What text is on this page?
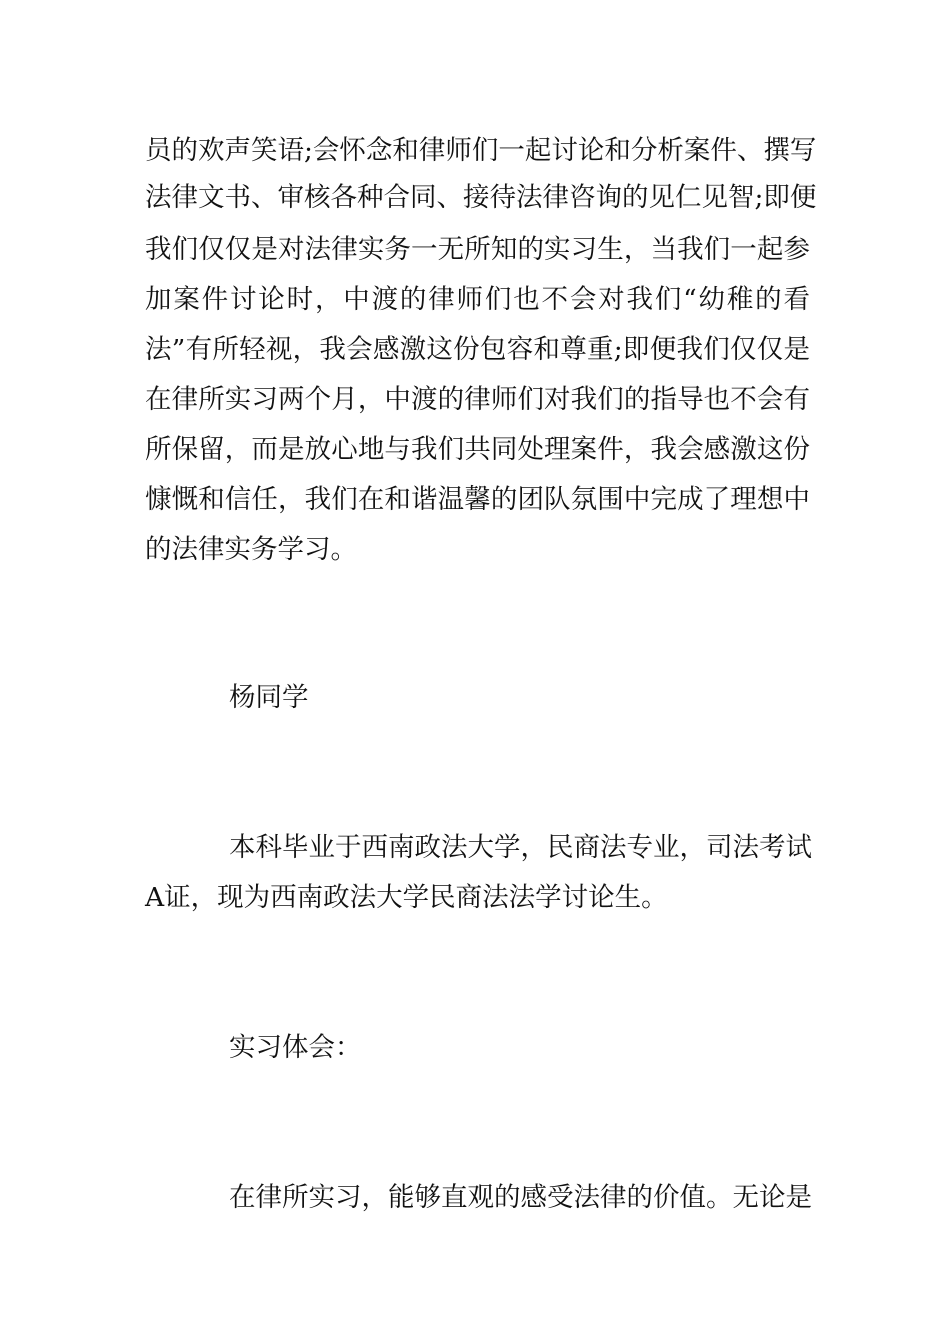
员的欢声笑语;会怀念和律师们一起讨论和分析案件、撰写
法律文书、审核各种合同、接待法律咨询的见仁见智;即便
我们仅仅是对法律实务一无所知的实习生，当我们一起参
加案件讨论时，中渡的律师们也不会对我们“幼稚的看
法”有所轻视，我会感激这份包容和尊重;即便我们仅仅是
在律所实习两个月，中渡的律师们对我们的指导也不会有
所保留，而是放心地与我们共同处理案件，我会感激这份
慷慨和信任，我们在和谐温馨的团队氛围中完成了理想中
的法律实务学习。
杨同学
本科毕业于西南政法大学，民商法专业，司法考试
A证，现为西南政法大学民商法法学讨论生。
实习体会：
在律所实习，能够直观的感受法律的价值。无论是
